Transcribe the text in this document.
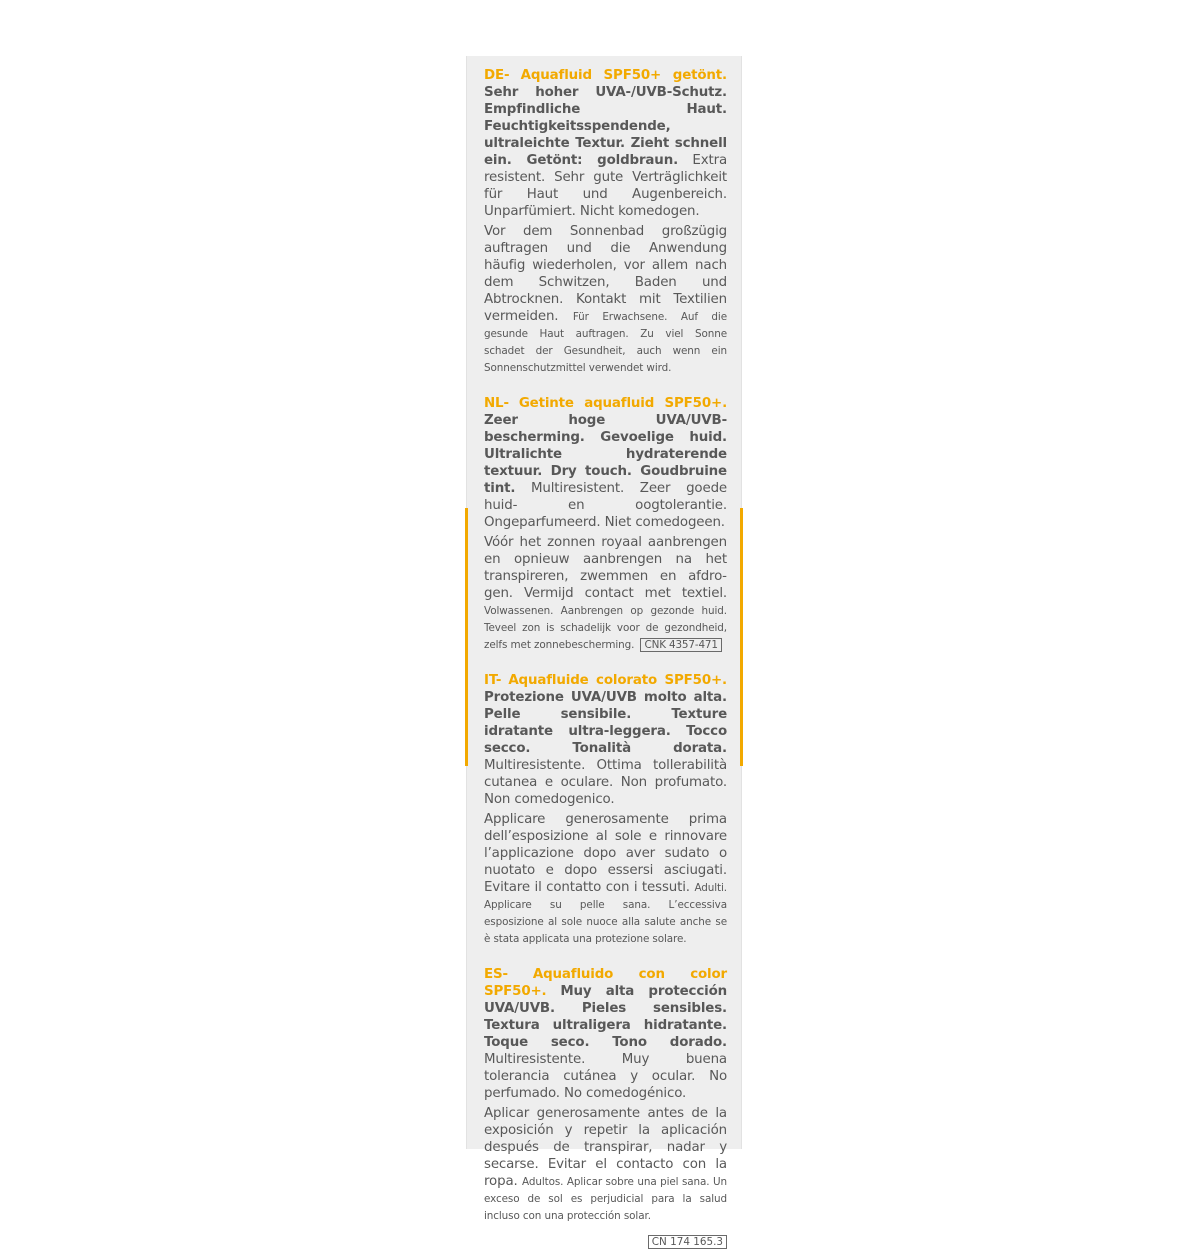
DE- Aquafluid SPF50+ getönt. Sehr hoher UVA-/UVB-Schutz. Empfindliche Haut. Feuchtigkeitsspendende, ultraleichte Textur. Zieht schnell ein. Getönt: goldbraun. Extra resistent. Sehr gute Verträglichkeit für Haut und Augenbereich. Unparfümiert. Nicht komedogen.

Vor dem Sonnenbad großzügig auftragen und die Anwendung häufig wiederholen, vor allem nach dem Schwitzen, Baden und Abtrocknen. Kontakt mit Textilien vermeiden. Für Erwachsene. Auf die gesunde Haut auftragen. Zu viel Sonne schadet der Gesundheit, auch wenn ein Sonnenschutzmittel verwendet wird.

NL- Getinte aquafluid SPF50+. Zeer hoge UVA/UVB-bescherming. Gevoelige huid. Ultralichte hydraterende textuur. Dry touch. Goudbruine tint. Multiresistent. Zeer goede huid- en oogtolerantie. Ongeparfumeerd. Niet comedogeen.

Vóór het zonnen royaal aanbrengen en opnieuw aanbrengen na het transpireren, zwemmen en afdrogen. Vermijd contact met textiel. Volwassenen. Aanbrengen op gezonde huid. Teveel zon is schadelijk voor de gezondheid, zelfs met zonnebescherming. CNK 4357-471

IT- Aquafluide colorato SPF50+. Protezione UVA/UVB molto alta. Pelle sensibile. Texture idratante ultra-leggera. Tocco secco. Tonalità dorata. Multiresistente. Ottima tollerabilità cutanea e oculare. Non profumato. Non comedogenico.

Applicare generosamente prima dell’esposizione al sole e rinnovare l’applicazione dopo aver sudato o nuotato e dopo essersi asciugati. Evitare il contatto con i tessuti. Adulti. Applicare su pelle sana. L’eccessiva esposizione al sole nuoce alla salute anche se è stata applicata una protezione solare.

ES- Aquafluido con color SPF50+. Muy alta protección UVA/UVB. Pieles sensibles. Textura ultraligera hidratante. Toque seco. Tono dorado. Multiresistente. Muy buena tolerancia cutánea y ocular. No perfumado. No comedogénico.

Aplicar generosamente antes de la exposición y repetir la aplicación después de transpirar, nadar y secarse. Evitar el contacto con la ropa. Adultos. Aplicar sobre una piel sana. Un exceso de sol es perjudicial para la salud incluso con una protección solar.

CN 174 165.3
